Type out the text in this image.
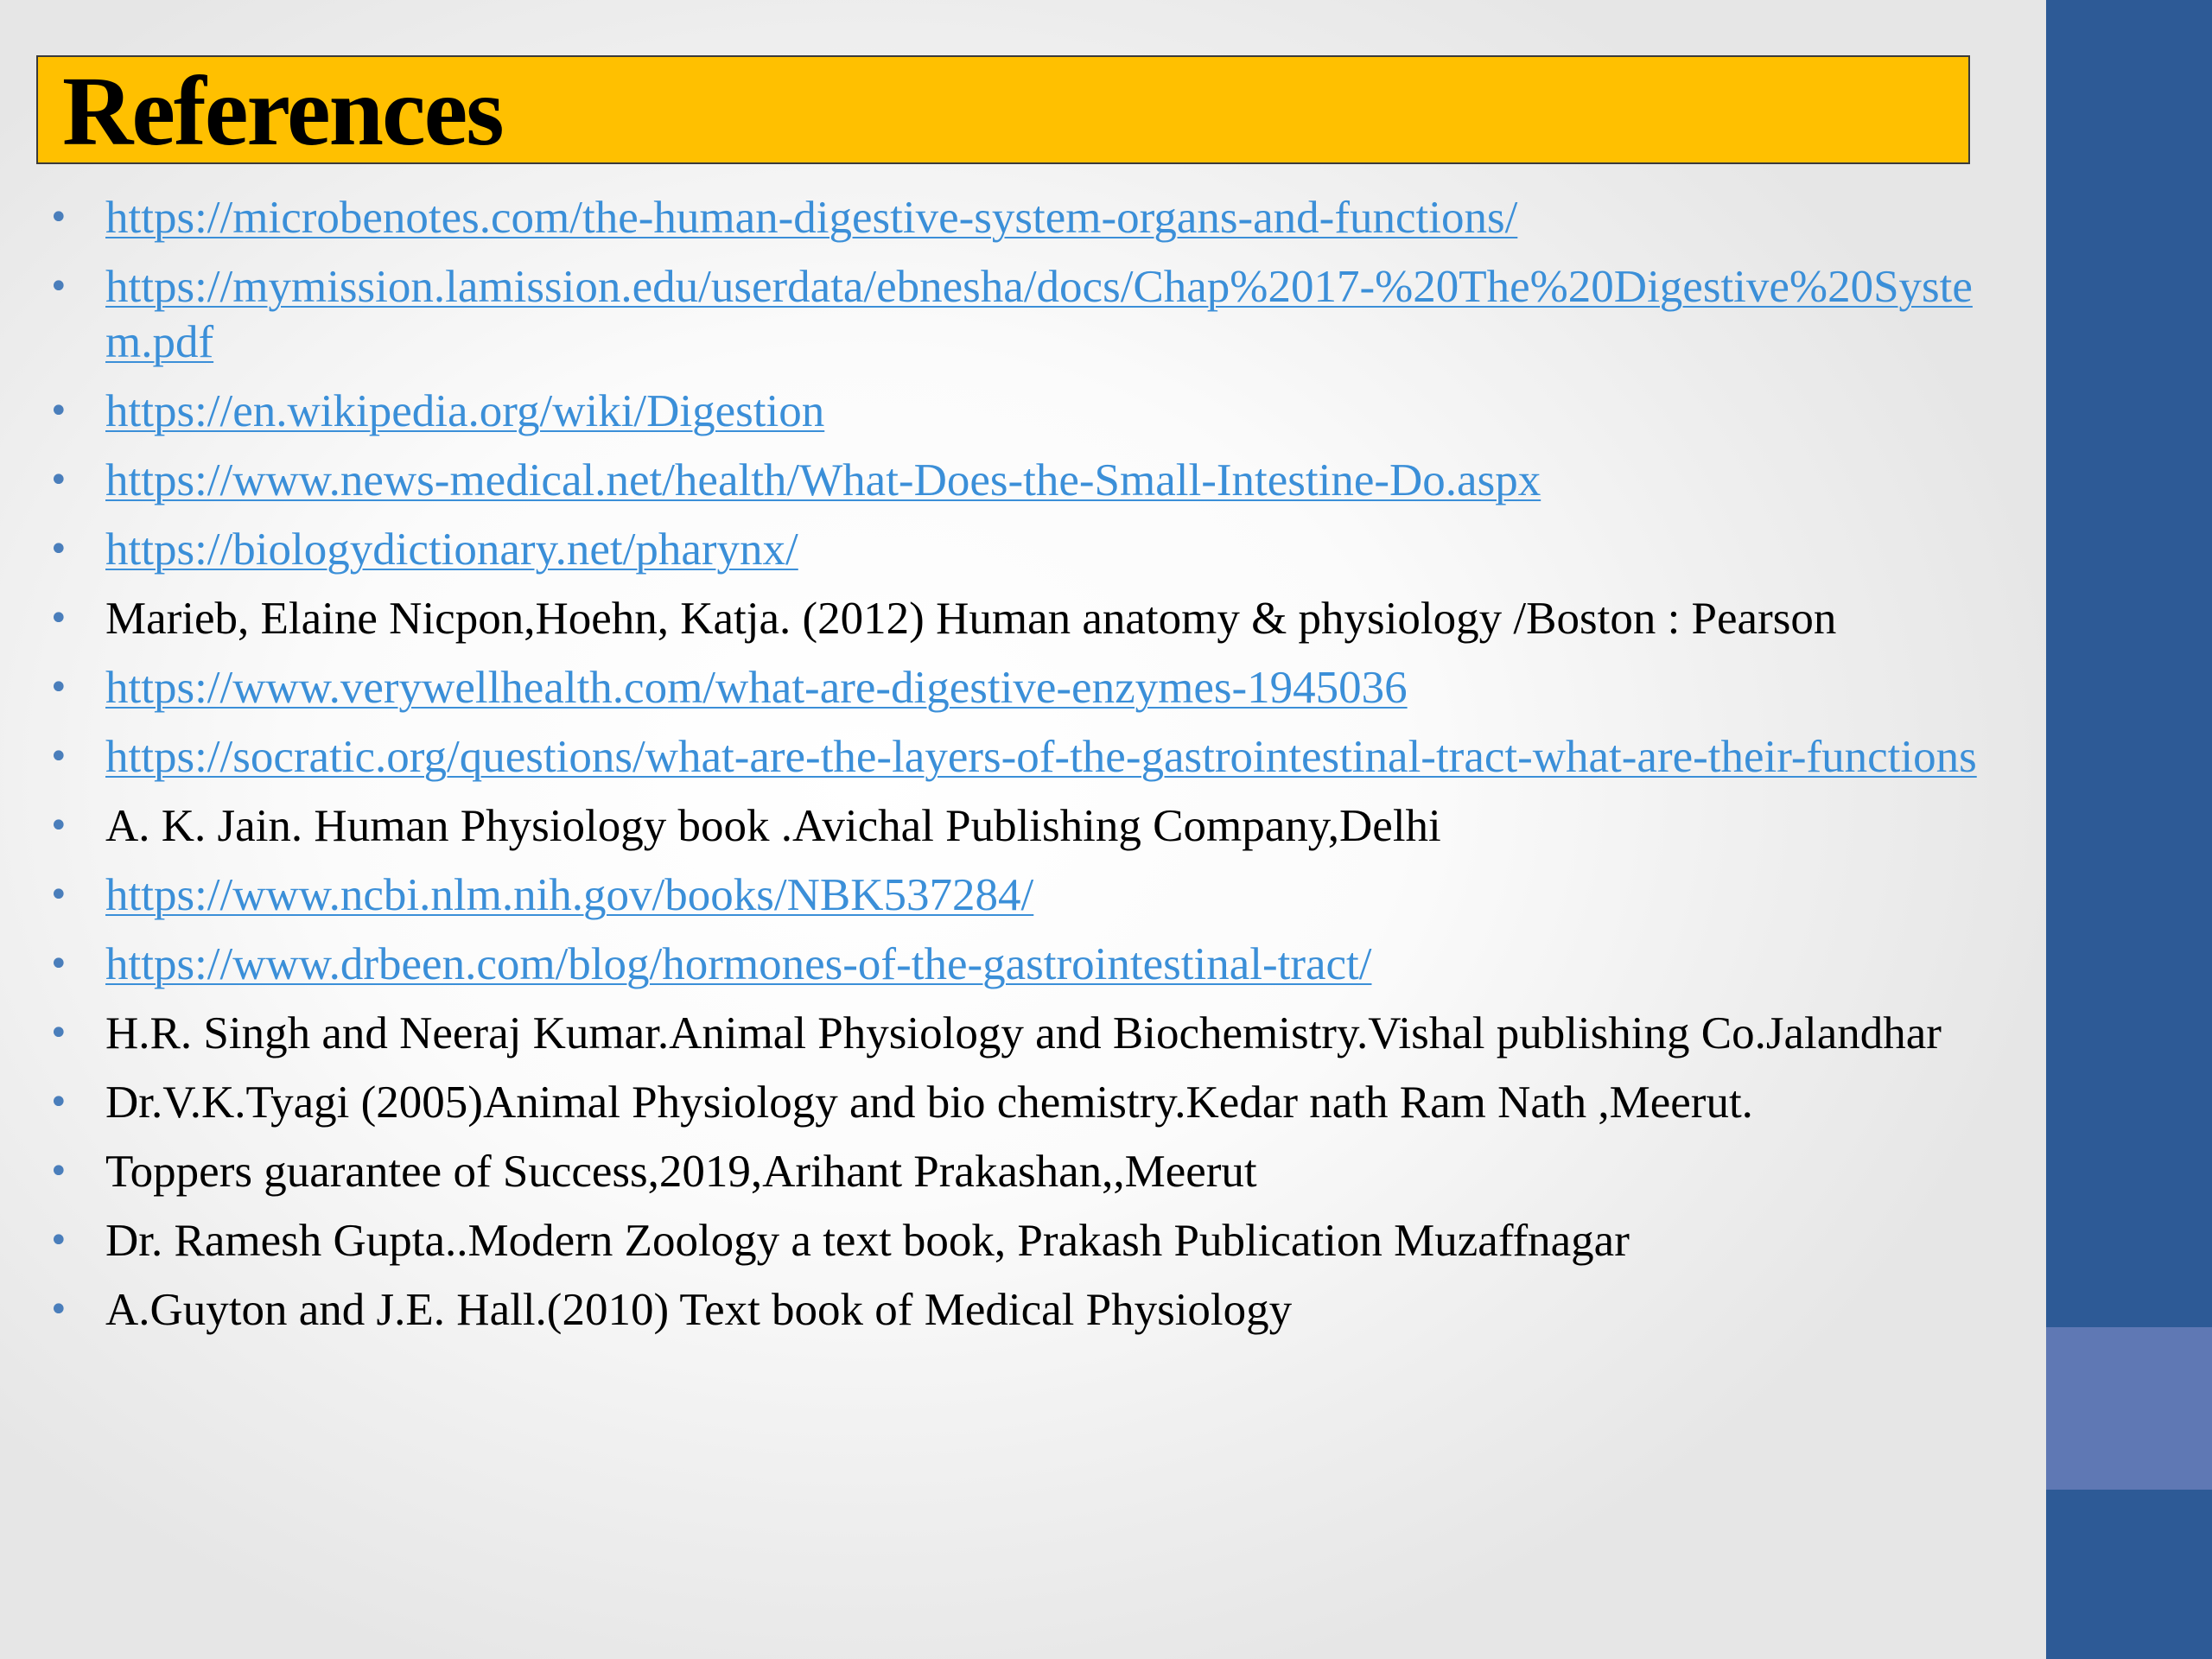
References
• https://microbenotes.com/the-human-digestive-system-organs-and-functions/
• https://mymission.lamission.edu/userdata/ebnesha/docs/Chap%2017-%20The%20Digestive%20System.pdf
• https://en.wikipedia.org/wiki/Digestion
• https://www.news-medical.net/health/What-Does-the-Small-Intestine-Do.aspx
• https://biologydictionary.net/pharynx/
• Marieb, Elaine Nicpon,Hoehn, Katja. (2012) Human anatomy & physiology /Boston : Pearson
• https://www.verywellhealth.com/what-are-digestive-enzymes-1945036
• https://socratic.org/questions/what-are-the-layers-of-the-gastrointestinal-tract-what-are-their-functions
• A. K. Jain. Human Physiology book .Avichal Publishing Company,Delhi
• https://www.ncbi.nlm.nih.gov/books/NBK537284/
• https://www.drbeen.com/blog/hormones-of-the-gastrointestinal-tract/
• H.R. Singh and Neeraj Kumar.Animal Physiology and Biochemistry.Vishal publishing Co.Jalandhar
• Dr.V.K.Tyagi (2005)Animal Physiology and bio chemistry.Kedar nath Ram Nath ,Meerut.
• Toppers guarantee of Success,2019,Arihant Prakashan,,Meerut
• Dr. Ramesh Gupta..Modern Zoology a text book, Prakash Publication Muzaffnagar
• A.Guyton and J.E. Hall.(2010) Text book of Medical Physiology
